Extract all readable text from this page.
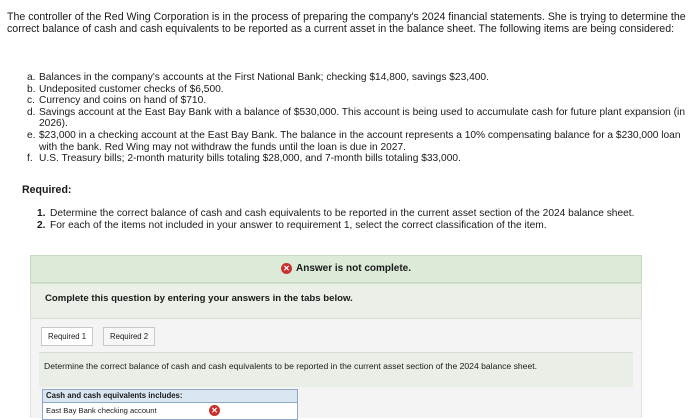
The controller of the Red Wing Corporation is in the process of preparing the company's 2024 financial statements. She is trying to determine the correct balance of cash and cash equivalents to be reported as a current asset in the balance sheet. The following items are being considered:
a. Balances in the company's accounts at the First National Bank; checking $14,800, savings $23,400.
b. Undeposited customer checks of $6,500.
c. Currency and coins on hand of $710.
d. Savings account at the East Bay Bank with a balance of $530,000. This account is being used to accumulate cash for future plant expansion (in 2026).
e. $23,000 in a checking account at the East Bay Bank. The balance in the account represents a 10% compensating balance for a $230,000 loan with the bank. Red Wing may not withdraw the funds until the loan is due in 2027.
f. U.S. Treasury bills; 2-month maturity bills totaling $28,000, and 7-month bills totaling $33,000.
Required:
1. Determine the correct balance of cash and cash equivalents to be reported in the current asset section of the 2024 balance sheet.
2. For each of the items not included in your answer to requirement 1, select the correct classification of the item.
✕ Answer is not complete.
Complete this question by entering your answers in the tabs below.
Required 1	Required 2
Determine the correct balance of cash and cash equivalents to be reported in the current asset section of the 2024 balance sheet.
Cash and cash equivalents includes:
East Bay Bank checking account	✕
